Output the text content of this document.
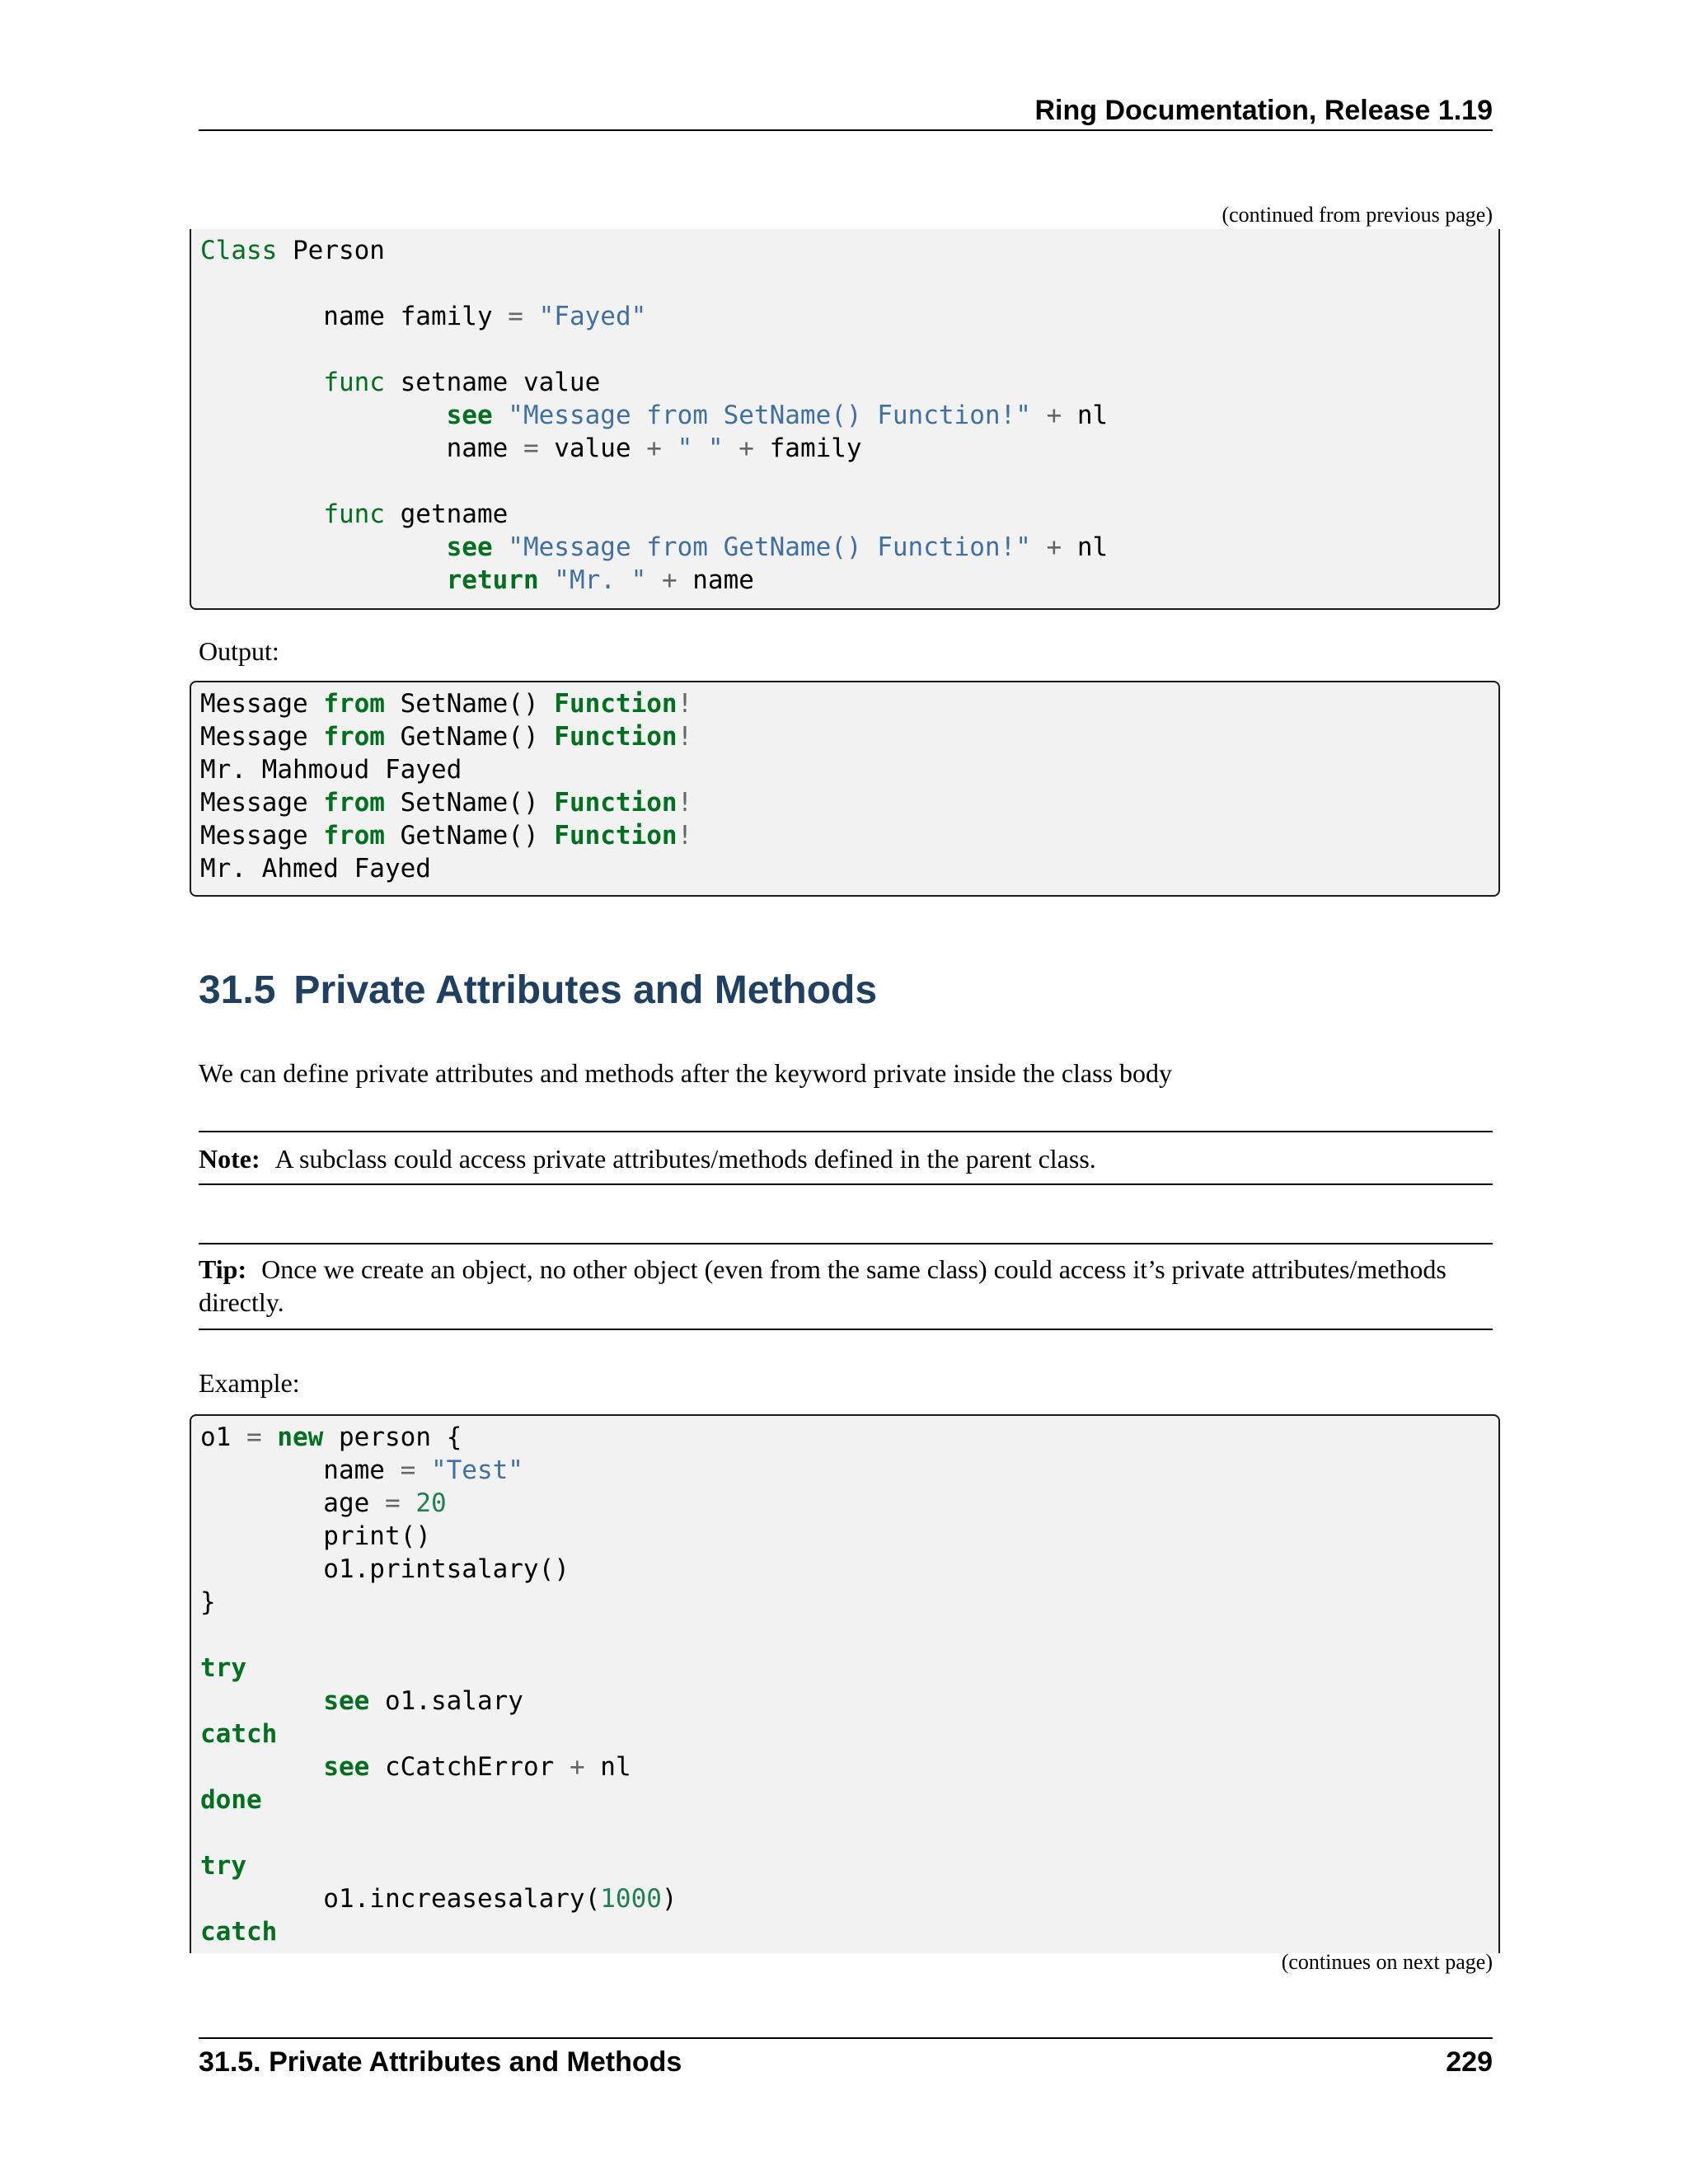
Ring Documentation, Release 1.19
(continued from previous page)
Class Person
name family = "Fayed"
func setname value
see "Message from SetName() Function!" + nl
name = value + " " + family
func getname
see "Message from GetName() Function!" + nl
return "Mr. " + name
Output:
Message from SetName() Function!
Message from GetName() Function!
Mr. Mahmoud Fayed
Message from SetName() Function!
Message from GetName() Function!
Mr. Ahmed Fayed
31.5 Private Attributes and Methods
We can define private attributes and methods after the keyword private inside the class body
Note: A subclass could access private attributes/methods defined in the parent class.
Tip: Once we create an object, no other object (even from the same class) could access it’s private attributes/methods directly.
Example:
o1 = new person {
name = "Test"
age = 20
print()
o1.printsalary()
}
try
see o1.salary
catch
see cCatchError + nl
done
try
o1.increasesalary(1000)
catch
(continues on next page)
31.5. Private Attributes and Methods	229
